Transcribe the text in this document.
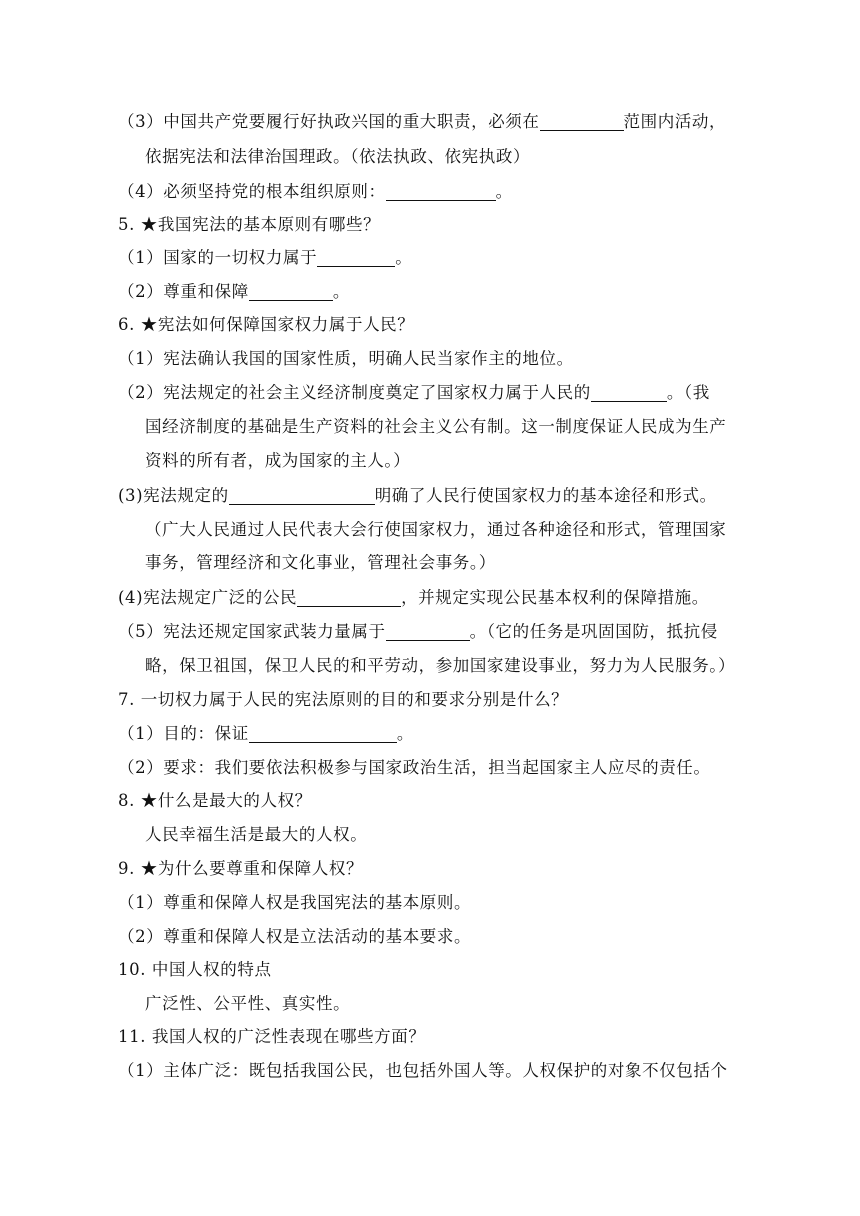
（3）中国共产党要履行好执政兴国的重大职责，必须在	范围内活动，
依据宪法和法律治国理政。（依法执政、依宪执政）
（4）必须坚持党的根本组织原则：	。
5. ★我国宪法的基本原则有哪些？
（1）国家的一切权力属于	。
（2）尊重和保障	。
6. ★宪法如何保障国家权力属于人民？
（1）宪法确认我国的国家性质，明确人民当家作主的地位。
（2）宪法规定的社会主义经济制度奠定了国家权力属于人民的	。（我
国经济制度的基础是生产资料的社会主义公有制。这一制度保证人民成为生产
资料的所有者，成为国家的主人。）
(3)宪法规定的	明确了人民行使国家权力的基本途径和形式。
（广大人民通过人民代表大会行使国家权力，通过各种途径和形式，管理国家
事务，管理经济和文化事业，管理社会事务。）
(4)宪法规定广泛的公民	，并规定实现公民基本权利的保障措施。
（5）宪法还规定国家武装力量属于	。（它的任务是巩固国防，抵抗侵
略，保卫祖国，保卫人民的和平劳动，参加国家建设事业，努力为人民服务。）
7. 一切权力属于人民的宪法原则的目的和要求分别是什么？
（1）目的：保证	。
（2）要求：我们要依法积极参与国家政治生活，担当起国家主人应尽的责任。
8. ★什么是最大的人权？
人民幸福生活是最大的人权。
9. ★为什么要尊重和保障人权？
（1）尊重和保障人权是我国宪法的基本原则。
（2）尊重和保障人权是立法活动的基本要求。
10. 中国人权的特点
广泛性、公平性、真实性。
11. 我国人权的广泛性表现在哪些方面？
（1）主体广泛：既包括我国公民，也包括外国人等。人权保护的对象不仅包括个
